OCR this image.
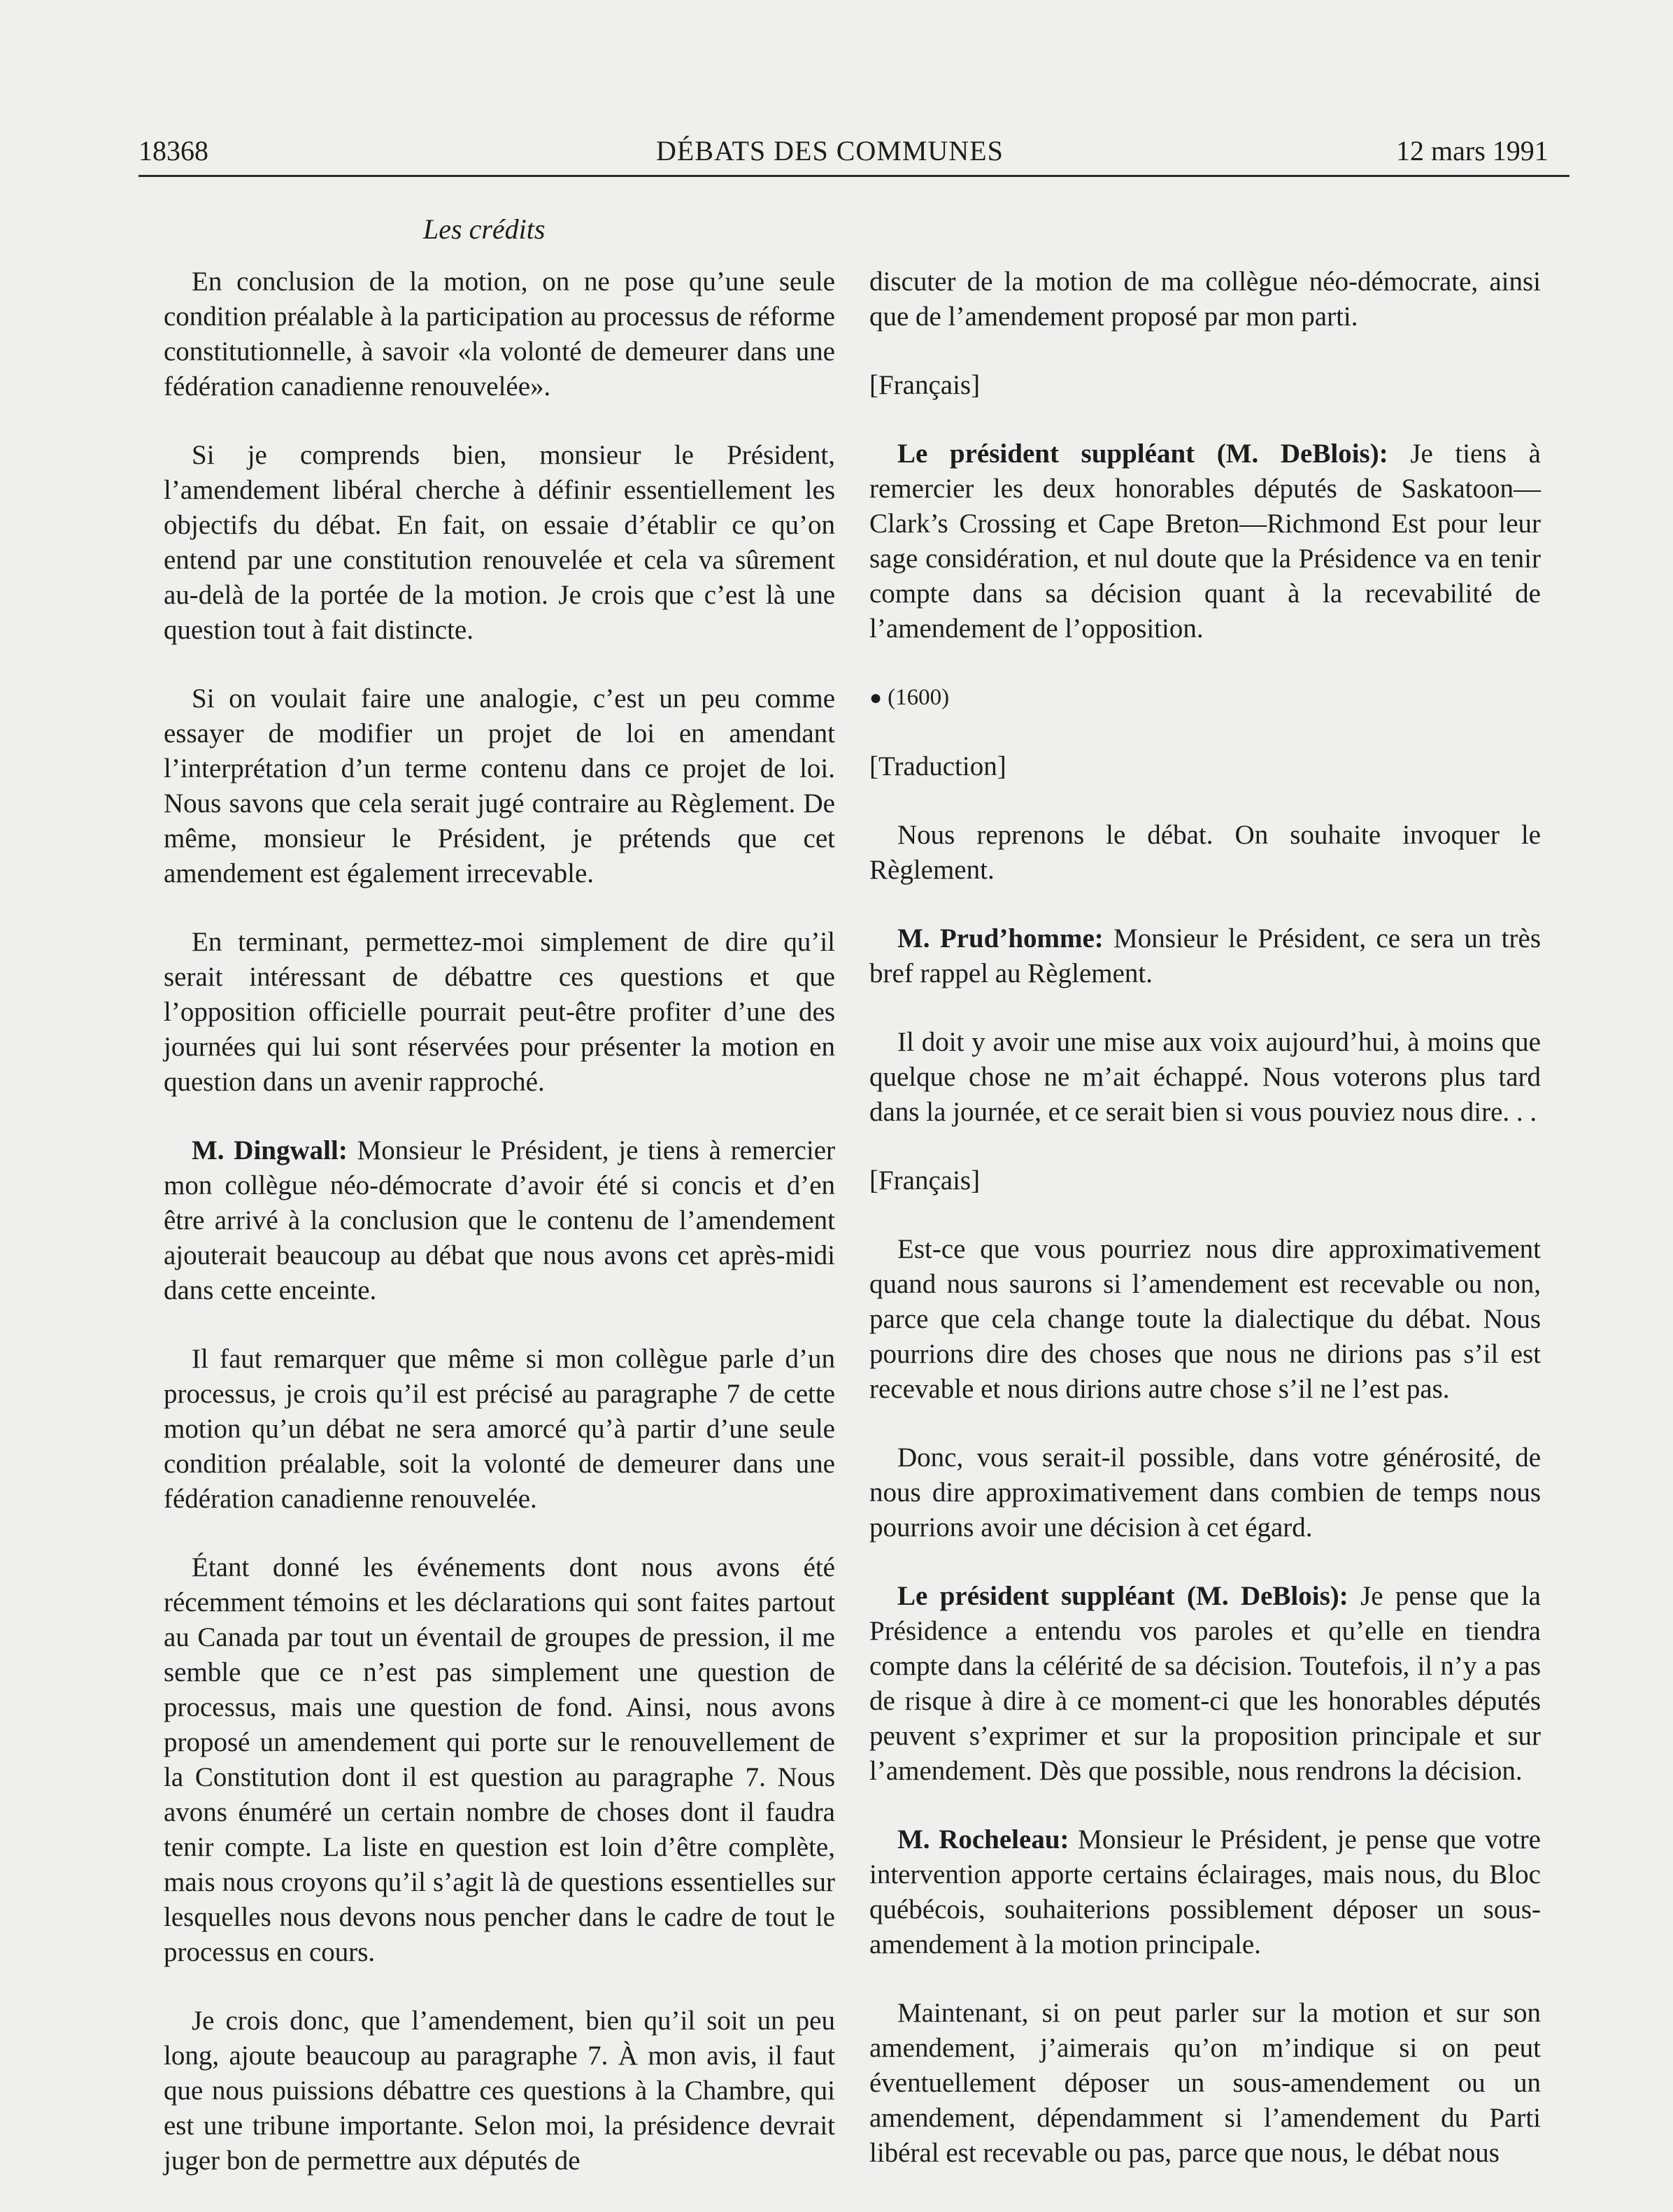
18368	DÉBATS DES COMMUNES	12 mars 1991
Les crédits

En conclusion de la motion, on ne pose qu’une seule condition préalable à la participation au processus de réforme constitutionnelle, à savoir «la volonté de demeurer dans une fédération canadienne renouvelée».

Si je comprends bien, monsieur le Président, l’amendement libéral cherche à définir essentiellement les objectifs du débat. En fait, on essaie d’établir ce qu’on entend par une constitution renouvelée et cela va sûrement au-delà de la portée de la motion. Je crois que c’est là une question tout à fait distincte.

Si on voulait faire une analogie, c’est un peu comme essayer de modifier un projet de loi en amendant l’interprétation d’un terme contenu dans ce projet de loi. Nous savons que cela serait jugé contraire au Règlement. De même, monsieur le Président, je prétends que cet amendement est également irrecevable.

En terminant, permettez-moi simplement de dire qu’il serait intéressant de débattre ces questions et que l’opposition officielle pourrait peut-être profiter d’une des journées qui lui sont réservées pour présenter la motion en question dans un avenir rapproché.

M. Dingwall: Monsieur le Président, je tiens à remercier mon collègue néo-démocrate d’avoir été si concis et d’en être arrivé à la conclusion que le contenu de l’amendement ajouterait beaucoup au débat que nous avons cet après-midi dans cette enceinte.

Il faut remarquer que même si mon collègue parle d’un processus, je crois qu’il est précisé au paragraphe 7 de cette motion qu’un débat ne sera amorcé qu’à partir d’une seule condition préalable, soit la volonté de demeurer dans une fédération canadienne renouvelée.

Étant donné les événements dont nous avons été récemment témoins et les déclarations qui sont faites partout au Canada par tout un éventail de groupes de pression, il me semble que ce n’est pas simplement une question de processus, mais une question de fond. Ainsi, nous avons proposé un amendement qui porte sur le renouvellement de la Constitution dont il est question au paragraphe 7. Nous avons énuméré un certain nombre de choses dont il faudra tenir compte. La liste en question est loin d’être complète, mais nous croyons qu’il s’agit là de questions essentielles sur lesquelles nous devons nous pencher dans le cadre de tout le processus en cours.

Je crois donc, que l’amendement, bien qu’il soit un peu long, ajoute beaucoup au paragraphe 7. À mon avis, il faut que nous puissions débattre ces questions à la Chambre, qui est une tribune importante. Selon moi, la présidence devrait juger bon de permettre aux députés de

discuter de la motion de ma collègue néo-démocrate, ainsi que de l’amendement proposé par mon parti.

[Français]

Le président suppléant (M. DeBlois): Je tiens à remercier les deux honorables députés de Saskatoon—Clark’s Crossing et Cape Breton—Richmond Est pour leur sage considération, et nul doute que la Présidence va en tenir compte dans sa décision quant à la recevabilité de l’amendement de l’opposition.

● (1600)

[Traduction]

Nous reprenons le débat. On souhaite invoquer le Règlement.

M. Prud’homme: Monsieur le Président, ce sera un très bref rappel au Règlement.

Il doit y avoir une mise aux voix aujourd’hui, à moins que quelque chose ne m’ait échappé. Nous voterons plus tard dans la journée, et ce serait bien si vous pouviez nous dire. . .

[Français]

Est-ce que vous pourriez nous dire approximativement quand nous saurons si l’amendement est recevable ou non, parce que cela change toute la dialectique du débat. Nous pourrions dire des choses que nous ne dirions pas s’il est recevable et nous dirions autre chose s’il ne l’est pas.

Donc, vous serait-il possible, dans votre générosité, de nous dire approximativement dans combien de temps nous pourrions avoir une décision à cet égard.

Le président suppléant (M. DeBlois): Je pense que la Présidence a entendu vos paroles et qu’elle en tiendra compte dans la célérité de sa décision. Toutefois, il n’y a pas de risque à dire à ce moment-ci que les honorables députés peuvent s’exprimer et sur la proposition principale et sur l’amendement. Dès que possible, nous rendrons la décision.

M. Rocheleau: Monsieur le Président, je pense que votre intervention apporte certains éclairages, mais nous, du Bloc québécois, souhaiterions possiblement déposer un sous-amendement à la motion principale.

Maintenant, si on peut parler sur la motion et sur son amendement, j’aimerais qu’on m’indique si on peut éventuellement déposer un sous-amendement ou un amendement, dépendamment si l’amendement du Parti libéral est recevable ou pas, parce que nous, le débat nous
